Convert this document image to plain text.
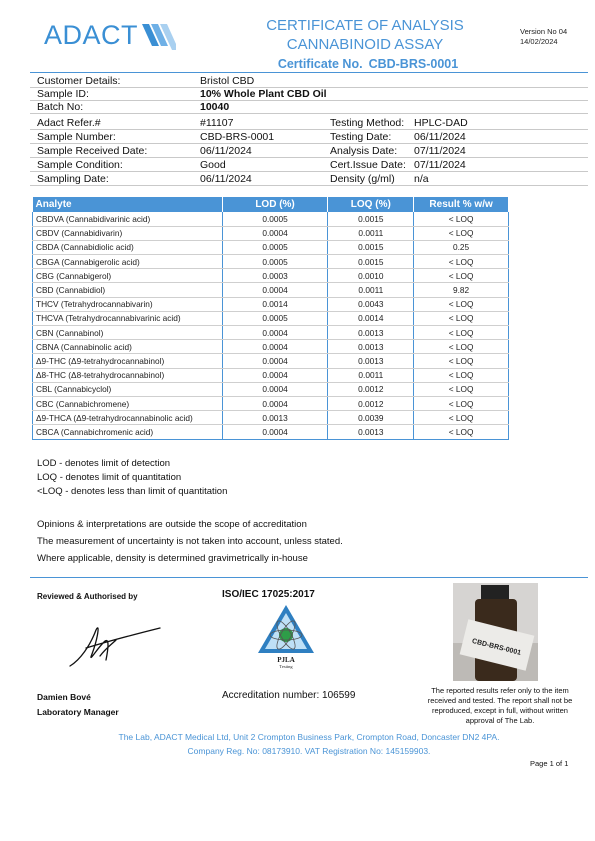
ADACT	CERTIFICATE OF ANALYSIS
CANNABINOID ASSAY
Version No 04
14/02/2024
Certificate No. CBD-BRS-0001
Customer Details:	Bristol CBD
Sample ID:	10% Whole Plant CBD Oil
Batch No:	10040
Adact Refer.#	#11107	Testing Method: HPLC-DAD
Sample Number:	CBD-BRS-0001	Testing Date: 06/11/2024
Sample Received Date:	06/11/2024	Analysis Date: 07/11/2024
Sample Condition:	Good	Cert.Issue Date: 07/11/2024
Sampling Date:	06/11/2024	Density (g/ml) n/a
Analyte	LOD (%)	LOQ (%)	Result % w/w
CBDVA (Cannabidivarinic acid)	0.0005	0.0015	< LOQ
CBDV (Cannabidivarin)	0.0004	0.0011	< LOQ
CBDA (Cannabidiolic acid)	0.0005	0.0015	0.25
CBGA (Cannabigerolic acid)	0.0005	0.0015	< LOQ
CBG (Cannabigerol)	0.0003	0.0010	< LOQ
CBD (Cannabidiol)	0.0004	0.0011	9.82
THCV (Tetrahydrocannabivarin)	0.0014	0.0043	< LOQ
THCVA (Tetrahydrocannabivarinic acid)	0.0005	0.0014	< LOQ
CBN (Cannabinol)	0.0004	0.0013	< LOQ
CBNA (Cannabinolic acid)	0.0004	0.0013	< LOQ
Δ9-THC (Δ9-tetrahydrocannabinol)	0.0004	0.0013	< LOQ
Δ8-THC (Δ8-tetrahydrocannabinol)	0.0004	0.0011	< LOQ
CBL (Cannabicyclol)	0.0004	0.0012	< LOQ
CBC (Cannabichromene)	0.0004	0.0012	< LOQ
Δ9-THCA (Δ9-tetrahydrocannabinolic acid)	0.0013	0.0039	< LOQ
CBCA (Cannabichromenic acid)	0.0004	0.0013	< LOQ
LOD - denotes limit of detection
LOQ - denotes limit of quantitation
<LOQ - denotes less than limit of quantitation
Opinions & interpretations are outside the scope of accreditation
The measurement of uncertainty is not taken into account, unless stated.
Where applicable, density is determined gravimetrically in-house
Reviewed & Authorised by
Damien Bové
Laboratory Manager
ISO/IEC 17025:2017
PJLA
Testing
Accreditation number: 106599
CBD-BRS-0001
The reported results refer only to the item received and tested. The report shall not be reproduced, except in full, without written approval of The Lab.
The Lab, ADACT Medical Ltd, Unit 2 Crompton Business Park, Crompton Road, Doncaster DN2 4PA.
Company Reg. No: 08173910. VAT Registration No: 145159903.
Page 1 of 1
